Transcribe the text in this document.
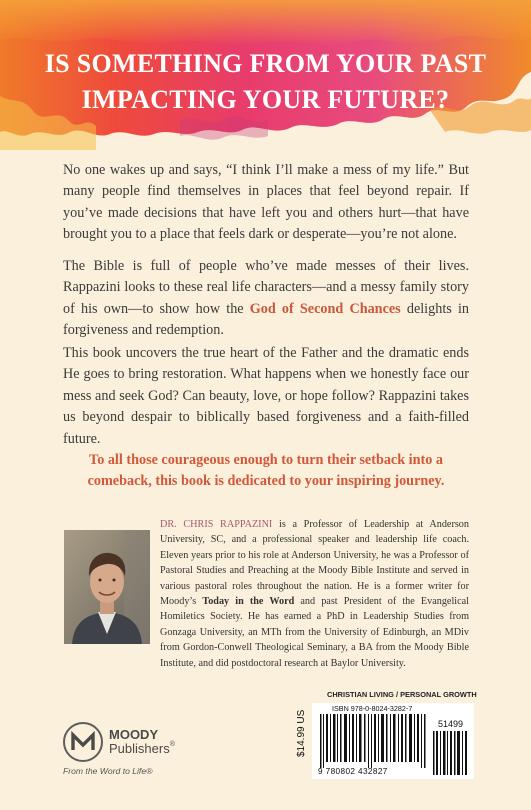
IS SOMETHING FROM YOUR PAST
IMPACTING YOUR FUTURE?
No one wakes up and says, “I think I’ll make a mess of my life.” But many people find themselves in places that feel beyond repair. If you’ve made decisions that have left you and others hurt—that have brought you to a place that feels dark or desperate—you’re not alone.
The Bible is full of people who’ve made messes of their lives. Rappazini looks to these real life characters—and a messy family story of his own—to show how the God of Second Chances delights in forgiveness and redemption.
This book uncovers the true heart of the Father and the dramatic ends He goes to bring restoration. What happens when we honestly face our mess and seek God? Can beauty, love, or hope follow? Rappazini takes us beyond despair to biblically based forgiveness and a faith-filled future.
To all those courageous enough to turn their setback into a comeback, this book is dedicated to your inspiring journey.
DR. CHRIS RAPPAZINI is a Professor of Leadership at Anderson University, SC, and a professional speaker and leadership life coach. Eleven years prior to his role at Anderson University, he was a Professor of Pastoral Studies and Preaching at the Moody Bible Institute and served in various pastoral roles throughout the nation. He is a former writer for Moody’s Today in the Word and past President of the Evangelical Homiletics Society. He has earned a PhD in Leadership Studies from Gonzaga University, an MTh from the University of Edinburgh, an MDiv from Gordon-Conwell Theological Seminary, a BA from the Moody Bible Institute, and did postdoctoral research at Baylor University.
MOODY
Publishers®
From the Word to Life®
CHRISTIAN LIVING / PERSONAL GROWTH
$14.99 US
ISBN 978-0-8024-3282-7
51499
9 780802 432827
